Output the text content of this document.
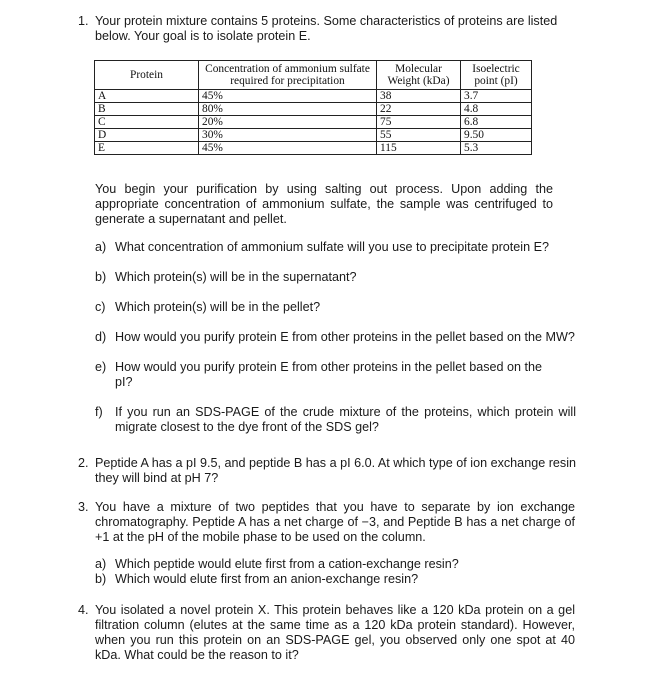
1. Your protein mixture contains 5 proteins. Some characteristics of proteins are listed below. Your goal is to isolate protein E.
Protein	Concentration of ammonium sulfate required for precipitation	Molecular Weight (kDa)	Isoelectric point (pI)
A	45%	38	3.7
B	80%	22	4.8
C	20%	75	6.8
D	30%	55	9.50
E	45%	115	5.3
You begin your purification by using salting out process. Upon adding the appropriate concentration of ammonium sulfate, the sample was centrifuged to generate a supernatant and pellet.
a) What concentration of ammonium sulfate will you use to precipitate protein E?
b) Which protein(s) will be in the supernatant?
c) Which protein(s) will be in the pellet?
d) How would you purify protein E from other proteins in the pellet based on the MW?
e) How would you purify protein E from other proteins in the pellet based on the pI?
f) If you run an SDS-PAGE of the crude mixture of the proteins, which protein will migrate closest to the dye front of the SDS gel?
2. Peptide A has a pI 9.5, and peptide B has a pI 6.0. At which type of ion exchange resin they will bind at pH 7?
3. You have a mixture of two peptides that you have to separate by ion exchange chromatography. Peptide A has a net charge of −3, and Peptide B has a net charge of +1 at the pH of the mobile phase to be used on the column.
a) Which peptide would elute first from a cation-exchange resin?
b) Which would elute first from an anion-exchange resin?
4. You isolated a novel protein X. This protein behaves like a 120 kDa protein on a gel filtration column (elutes at the same time as a 120 kDa protein standard). However, when you run this protein on an SDS-PAGE gel, you observed only one spot at 40 kDa. What could be the reason to it?
